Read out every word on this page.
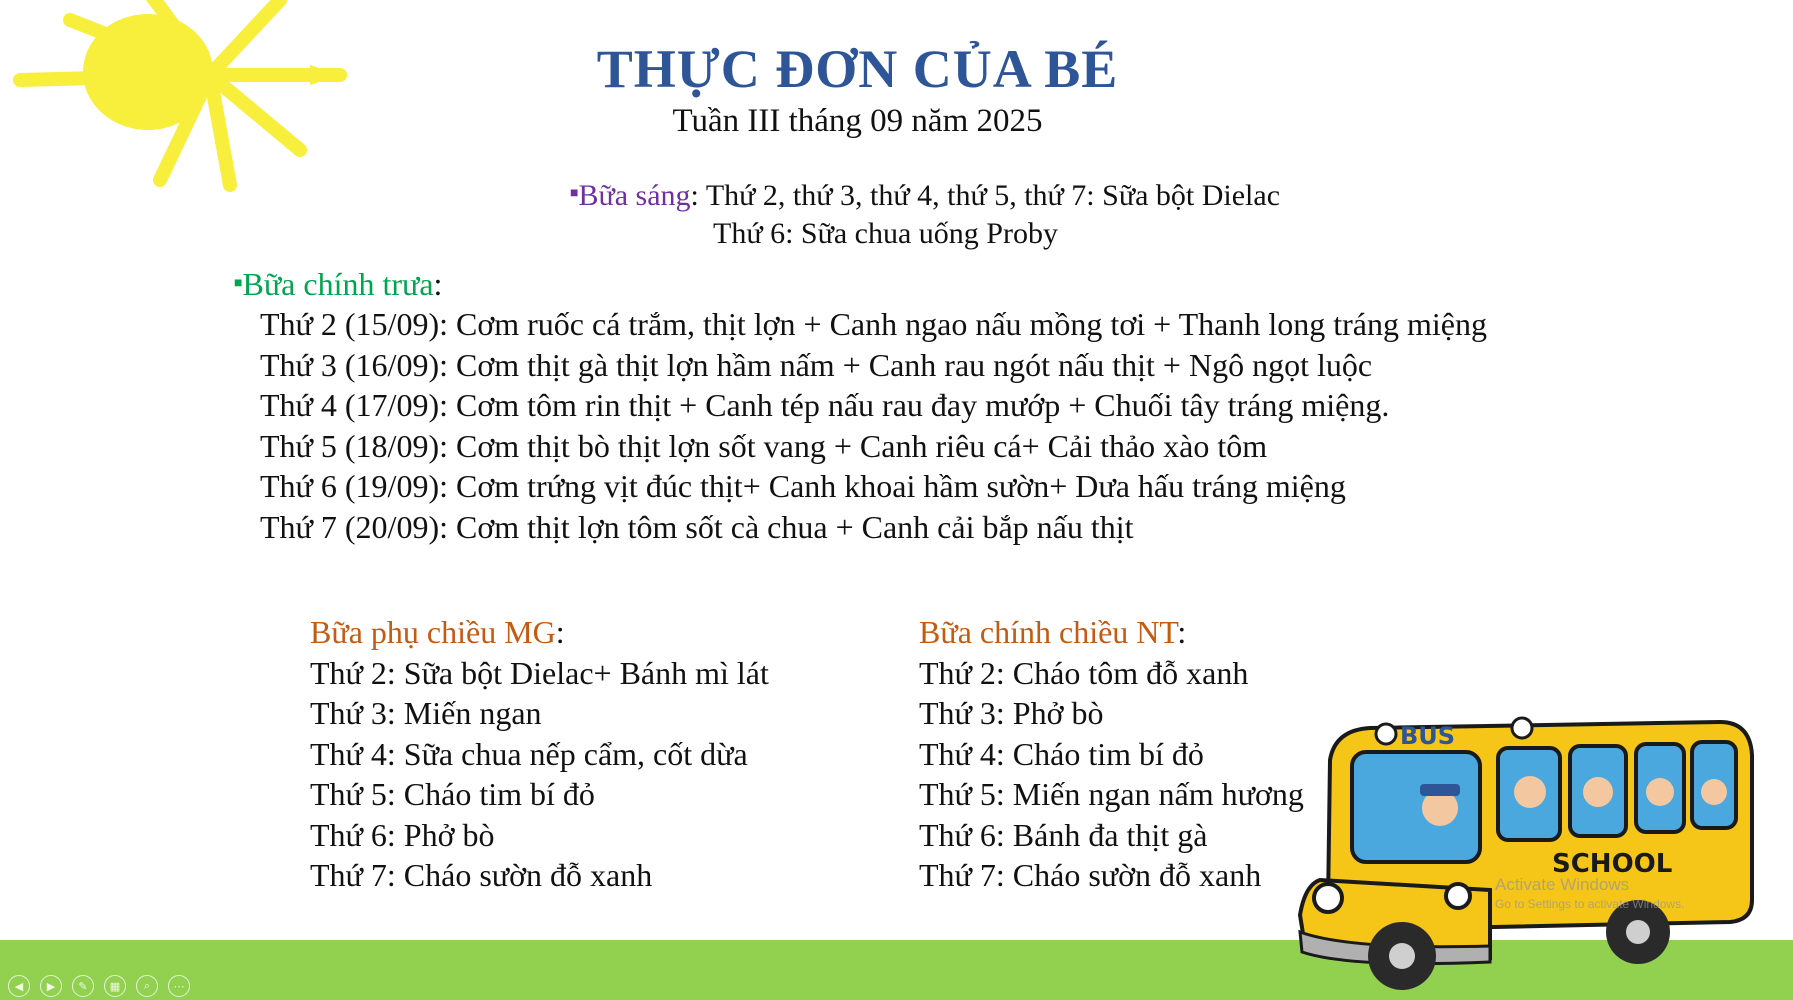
THỰC ĐƠN CỦA BÉ
Tuần III tháng 09 năm 2025
■Bữa sáng: Thứ 2, thứ 3, thứ 4, thứ 5, thứ 7: Sữa bột Dielac
Thứ 6: Sữa chua uống Proby
■Bữa chính trưa:
Thứ 2 (15/09): Cơm ruốc cá trắm, thịt lợn + Canh ngao nấu mồng tơi + Thanh long tráng miệng
Thứ 3 (16/09): Cơm thịt gà thịt lợn hầm nấm + Canh rau ngót nấu thịt + Ngô ngọt luộc
Thứ 4 (17/09): Cơm tôm rin thịt + Canh tép nấu rau đay mướp + Chuối tây tráng miệng.
Thứ 5 (18/09): Cơm thịt bò thịt lợn sốt vang + Canh riêu cá+ Cải thảo xào tôm
Thứ 6 (19/09): Cơm trứng vịt đúc thịt+ Canh khoai hầm sườn+ Dưa hấu tráng miệng
Thứ 7 (20/09): Cơm thịt lợn tôm sốt cà chua + Canh cải bắp nấu thịt
Bữa phụ chiều MG:
Thứ 2: Sữa bột Dielac+ Bánh mì lát
Thứ 3: Miến ngan
Thứ 4: Sữa chua nếp cẩm, cốt dừa
Thứ 5: Cháo tim bí đỏ
Thứ 6: Phở bò
Thứ 7: Cháo sườn đỗ xanh
Bữa chính chiều NT:
Thứ 2: Cháo tôm đỗ xanh
Thứ 3: Phở bò
Thứ 4: Cháo tim bí đỏ
Thứ 5: Miến ngan nấm hương
Thứ 6: Bánh đa thịt gà
Thứ 7: Cháo sườn đỗ xanh
BUS
SCHOOL
Activate Windows
Go to Settings to activate Windows.
◀	▶	✎	▦	⌕	⋯
